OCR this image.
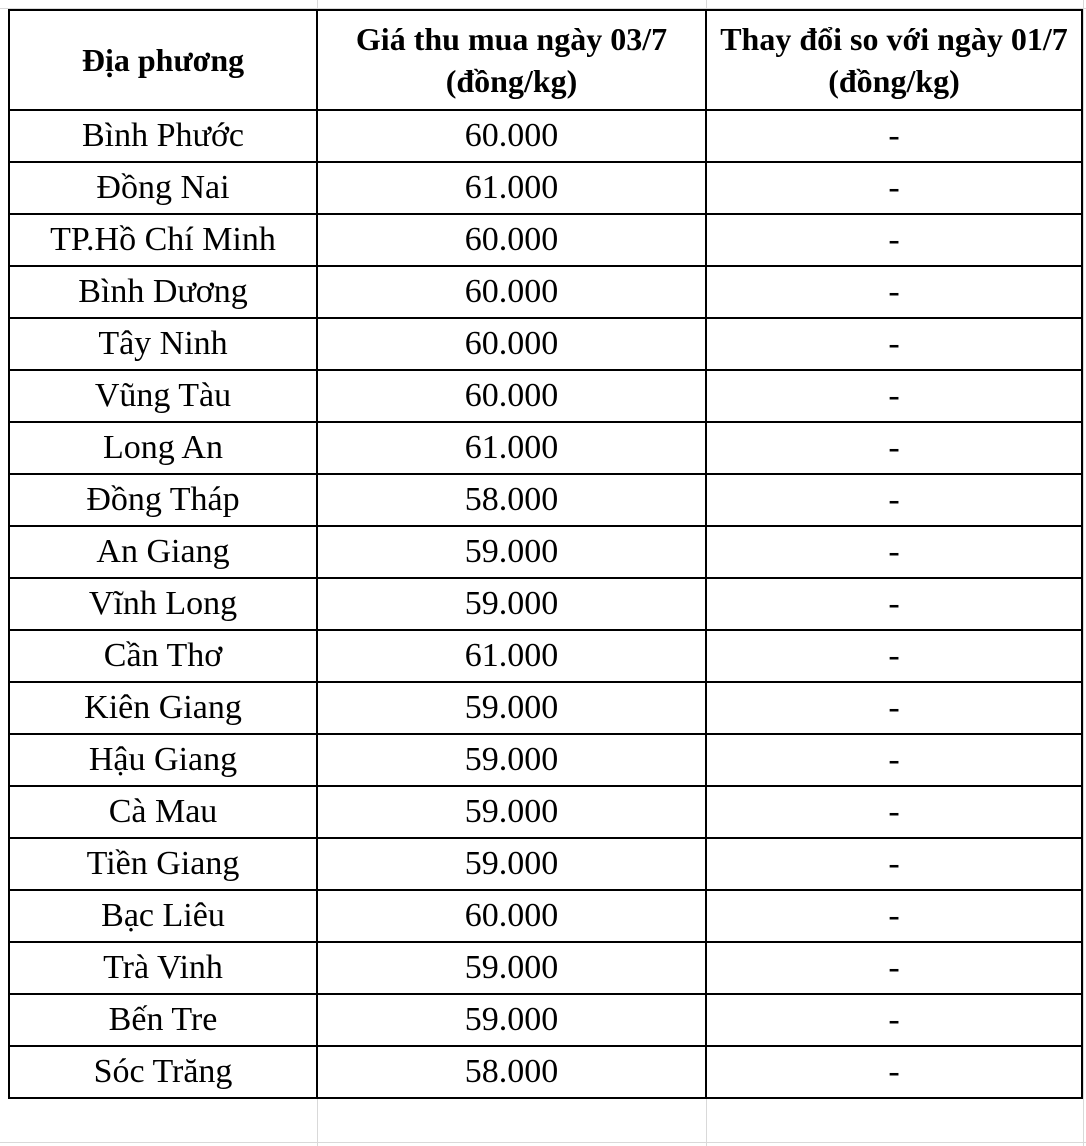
Địa phương	Giá thu mua ngày 03/7 (đồng/kg)	Thay đổi so với ngày 01/7 (đồng/kg)
Bình Phước	60.000	-
Đồng Nai	61.000	-
TP.Hồ Chí Minh	60.000	-
Bình Dương	60.000	-
Tây Ninh	60.000	-
Vũng Tàu	60.000	-
Long An	61.000	-
Đồng Tháp	58.000	-
An Giang	59.000	-
Vĩnh Long	59.000	-
Cần Thơ	61.000	-
Kiên Giang	59.000	-
Hậu Giang	59.000	-
Cà Mau	59.000	-
Tiền Giang	59.000	-
Bạc Liêu	60.000	-
Trà Vinh	59.000	-
Bến Tre	59.000	-
Sóc Trăng	58.000	-
